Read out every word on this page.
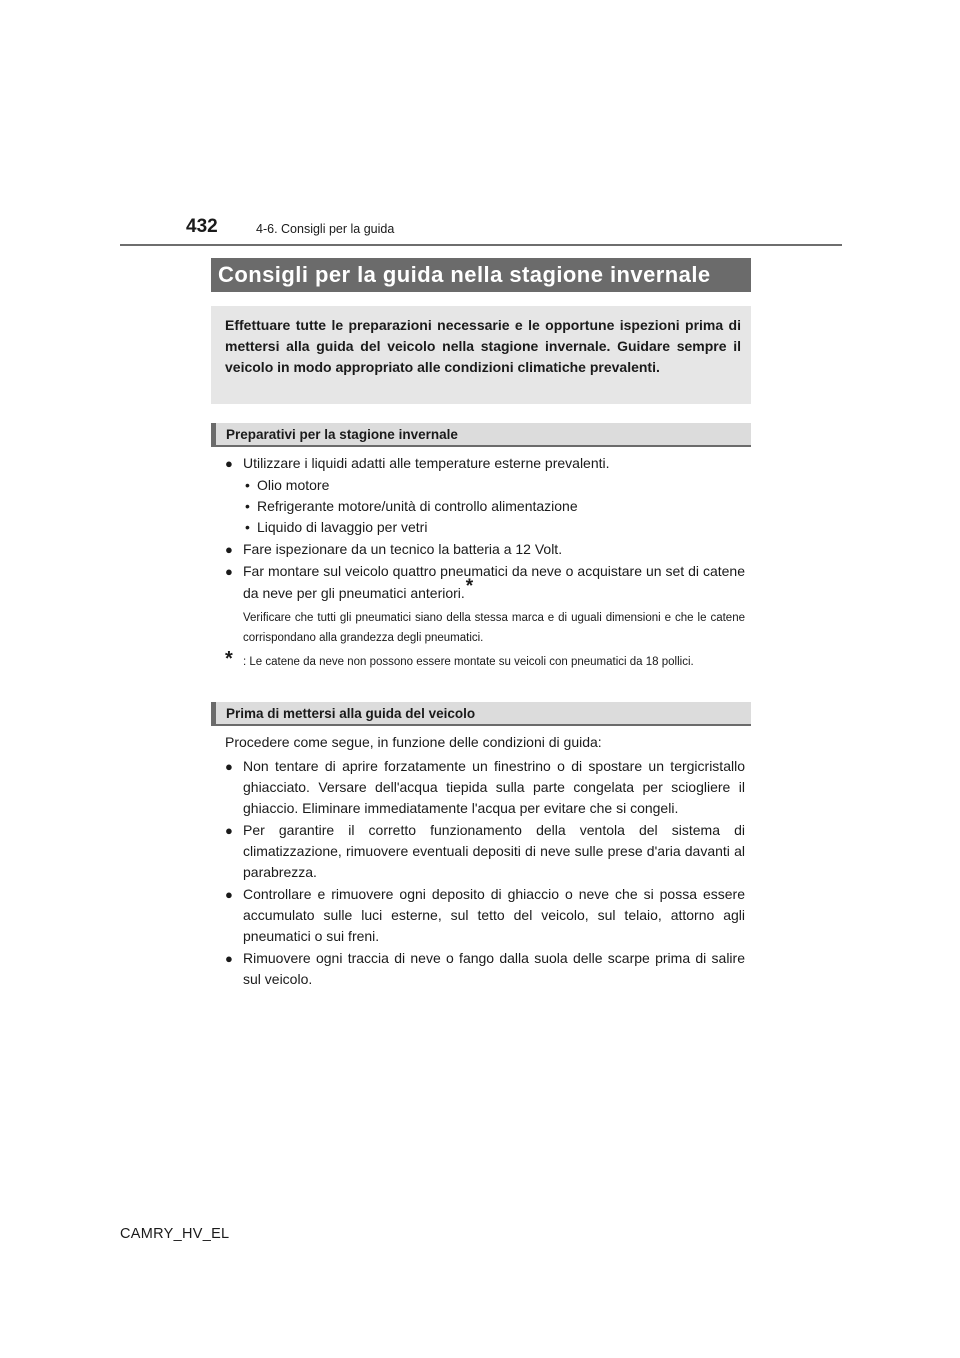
432	4-6. Consigli per la guida
Consigli per la guida nella stagione invernale
Effettuare tutte le preparazioni necessarie e le opportune ispezioni prima di mettersi alla guida del veicolo nella stagione invernale. Guidare sempre il veicolo in modo appropriato alle condizioni climatiche prevalenti.
Preparativi per la stagione invernale
● Utilizzare i liquidi adatti alle temperature esterne prevalenti.
• Olio motore
• Refrigerante motore/unità di controllo alimentazione
• Liquido di lavaggio per vetri
● Fare ispezionare da un tecnico la batteria a 12 Volt.
● Far montare sul veicolo quattro pneumatici da neve o acquistare un set di catene da neve per gli pneumatici anteriori.*
Verificare che tutti gli pneumatici siano della stessa marca e di uguali dimensioni e che le catene corrispondano alla grandezza degli pneumatici.
* : Le catene da neve non possono essere montate su veicoli con pneumatici da 18 pollici.
Prima di mettersi alla guida del veicolo
Procedere come segue, in funzione delle condizioni di guida:
● Non tentare di aprire forzatamente un finestrino o di spostare un tergicristallo ghiacciato. Versare dell'acqua tiepida sulla parte congelata per sciogliere il ghiaccio. Eliminare immediatamente l'acqua per evitare che si congeli.
● Per garantire il corretto funzionamento della ventola del sistema di climatizzazione, rimuovere eventuali depositi di neve sulle prese d'aria davanti al parabrezza.
● Controllare e rimuovere ogni deposito di ghiaccio o neve che si possa essere accumulato sulle luci esterne, sul tetto del veicolo, sul telaio, attorno agli pneumatici o sui freni.
● Rimuovere ogni traccia di neve o fango dalla suola delle scarpe prima di salire sul veicolo.
CAMRY_HV_EL
